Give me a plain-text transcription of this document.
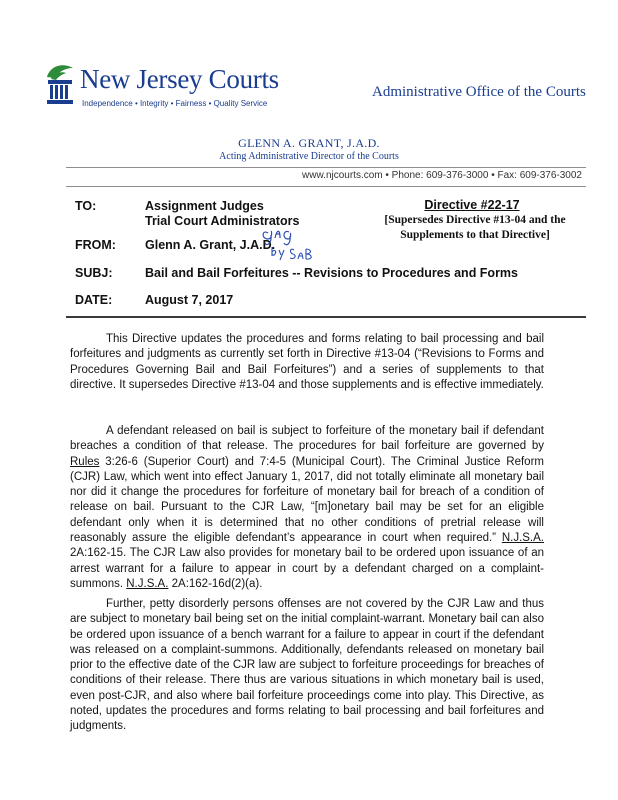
New Jersey Courts
Independence • Integrity • Fairness • Quality Service
Administrative Office of the Courts
GLENN A. GRANT, J.A.D.
Acting Administrative Director of the Courts
www.njcourts.com • Phone: 609-376-3000 • Fax: 609-376-3002
TO:	Assignment Judges
Trial Court Administrators
Directive #22-17
[Supersedes Directive #13-04 and the Supplements to that Directive]
FROM: Glenn A. Grant, J.A.D.
SUBJ:	Bail and Bail Forfeitures -- Revisions to Procedures and Forms
DATE:	August 7, 2017

This Directive updates the procedures and forms relating to bail processing and bail forfeitures and judgments as currently set forth in Directive #13-04 (“Revisions to Forms and Procedures Governing Bail and Bail Forfeitures”) and a series of supplements to that directive. It supersedes Directive #13-04 and those supplements and is effective immediately.

A defendant released on bail is subject to forfeiture of the monetary bail if defendant breaches a condition of that release. The procedures for bail forfeiture are governed by Rules 3:26-6 (Superior Court) and 7:4-5 (Municipal Court). The Criminal Justice Reform (CJR) Law, which went into effect January 1, 2017, did not totally eliminate all monetary bail nor did it change the procedures for forfeiture of monetary bail for breach of a condition of release on bail. Pursuant to the CJR Law, “[m]onetary bail may be set for an eligible defendant only when it is determined that no other conditions of pretrial release will reasonably assure the eligible defendant’s appearance in court when required.” N.J.S.A. 2A:162-15. The CJR Law also provides for monetary bail to be ordered upon issuance of an arrest warrant for a failure to appear in court by a defendant charged on a complaint-summons. N.J.S.A. 2A:162-16d(2)(a).

Further, petty disorderly persons offenses are not covered by the CJR Law and thus are subject to monetary bail being set on the initial complaint-warrant. Monetary bail can also be ordered upon issuance of a bench warrant for a failure to appear in court if the defendant was released on a complaint-summons. Additionally, defendants released on monetary bail prior to the effective date of the CJR law are subject to forfeiture proceedings for breaches of conditions of their release. There thus are various situations in which monetary bail is used, even post-CJR, and also where bail forfeiture proceedings come into play. This Directive, as noted, updates the procedures and forms relating to bail processing and bail forfeitures and judgments.
